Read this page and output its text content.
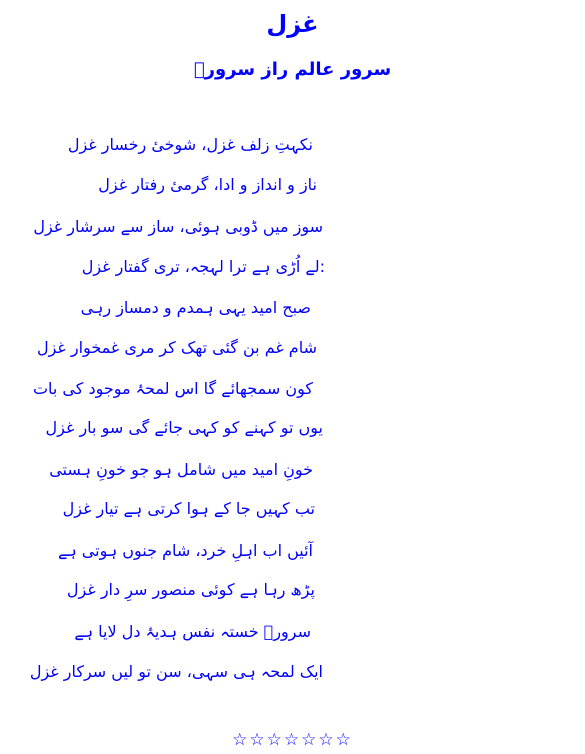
غزل
سرور عالم راز سرورؔ
نکہتِ زلف غزل، شوخیٔ رخسار غزل
ناز و انداز و ادا، گرمیٔ رفتار غزل
سوز میں ڈوبی ہوئی، ساز سے سرشار غزل
:لے اُڑی ہے ترا لہجہ، تری گفتار غزل
صبح امید یہی ہمدم و دمساز رہی
شام غم بن گئی تھک کر مری غمخوار غزل
کون سمجھائے گا اس لمحۂ موجود کی بات
یوں تو کہنے کو کہی جائے گی سو بار غزل
خونِ امید میں شامل ہو جو خونِ ہستی
تب کہیں جا کے ہوا کرتی ہے تیار غزل
آئیں اب اہلِ خرد، شام جنوں ہوتی ہے
پڑھ رہا ہے کوئی منصور سرِ دار غزل
سرورؔ خستہ نفس ہدیۂ دل لایا ہے
ایک لمحہ ہی سہی، سن تو لیں سرکار غزل
☆☆☆☆☆☆☆
